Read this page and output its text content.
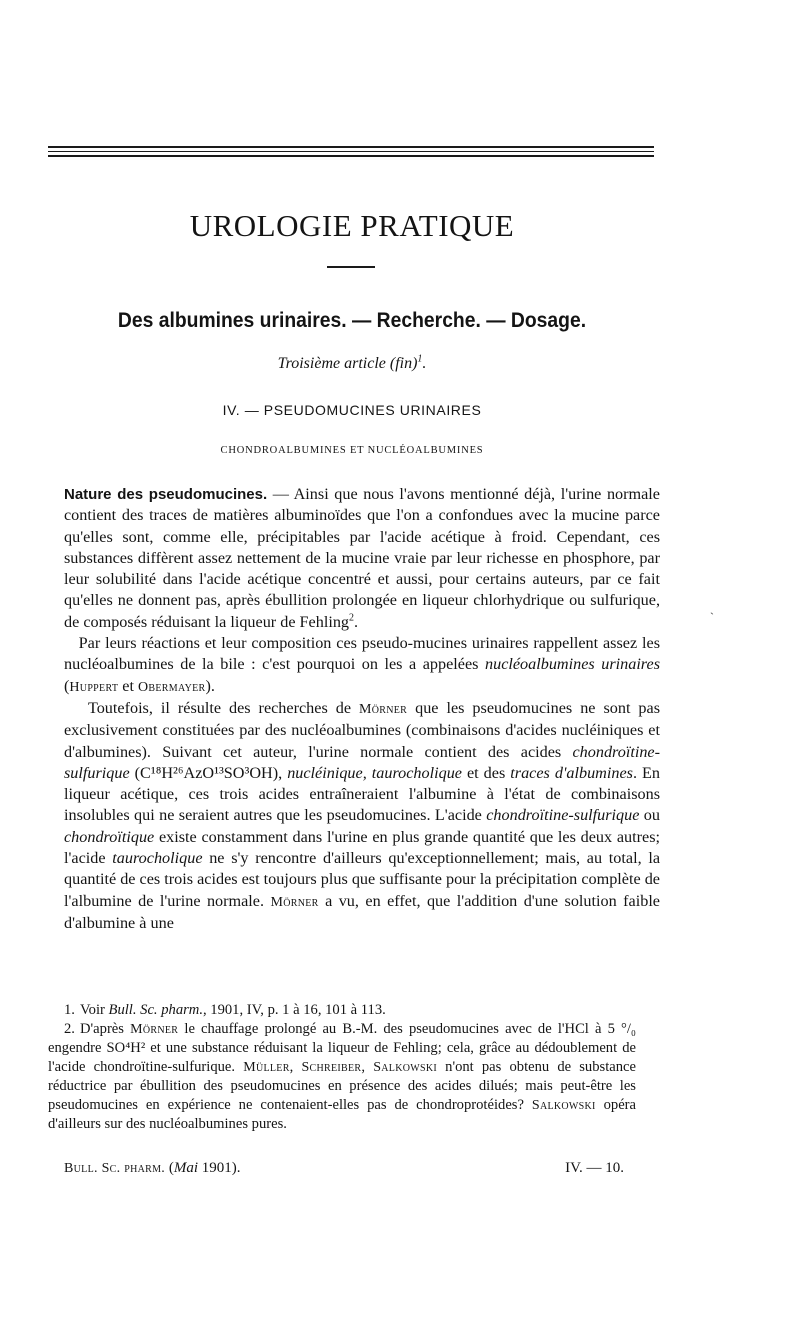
UROLOGIE PRATIQUE
Des albumines urinaires. — Recherche. — Dosage.
Troisième article (fin)$^1$.
IV. — PSEUDOMUCINES URINAIRES
CHONDROALBUMINES ET NUCLÉOALBUMINES

Nature des pseudomucines. — Ainsi que nous l'avons mentionné déjà, l'urine normale contient des traces de matières albuminoïdes que l'on a confondues avec la mucine parce qu'elles sont, comme elle, précipitables par l'acide acétique à froid. Cependant, ces substances diffèrent assez nettement de la mucine vraie par leur richesse en phosphore, par leur solubilité dans l'acide acétique concentré et aussi, pour certains auteurs, par ce fait qu'elles ne donnent pas, après ébullition prolongée en liqueur chlorhydrique ou sulfurique, de composés réduisant la liqueur de Fehling$^2$.

Par leurs réactions et leur composition ces pseudo-mucines urinaires rappellent assez les nucléoalbumines de la bile : c'est pourquoi on les a appelées nucléoalbumines urinaires (Huppert et Obermayer).

Toutefois, il résulte des recherches de Mörner que les pseudomucines ne sont pas exclusivement constituées par des nucléoalbumines (combinaisons d'acides nucléiniques et d'albumines). Suivant cet auteur, l'urine normale contient des acides chondroïtine-sulfurique (C¹⁸H²⁶AzO¹³SO³OH), nucléinique, taurocholique et des traces d'albumines. En liqueur acétique, ces trois acides entraîneraient l'albumine à l'état de combinaisons insolubles qui ne seraient autres que les pseudomucines. L'acide chondroïtine-sulfurique ou chondroïtique existe constamment dans l'urine en plus grande quantité que les deux autres; l'acide taurocholique ne s'y rencontre d'ailleurs qu'exceptionnellement; mais, au total, la quantité de ces trois acides est toujours plus que suffisante pour la précipitation complète de l'albumine de l'urine normale. Mörner a vu, en effet, que l'addition d'une solution faible d'albumine à une

1. Voir Bull. Sc. pharm., 1901, IV, p. 1 à 16, 101 à 113.

2. D'après Mörner le chauffage prolongé au B.-M. des pseudomucines avec de l'HCl à 5 °/₀ engendre SO⁴H² et une substance réduisant la liqueur de Fehling; cela, grâce au dédoublement de l'acide chondroïtine-sulfurique. Müller, Schreiber, Salkowski n'ont pas obtenu de substance réductrice par ébullition des pseudomucines en présence des acides dilués; mais peut-être les pseudomucines en expérience ne contenaient-elles pas de chondroprotéides? Salkowski opéra d'ailleurs sur des nucléoalbumines pures.

Bull. Sc. pharm. (Mai 1901).	IV. — 10.
ˋ
